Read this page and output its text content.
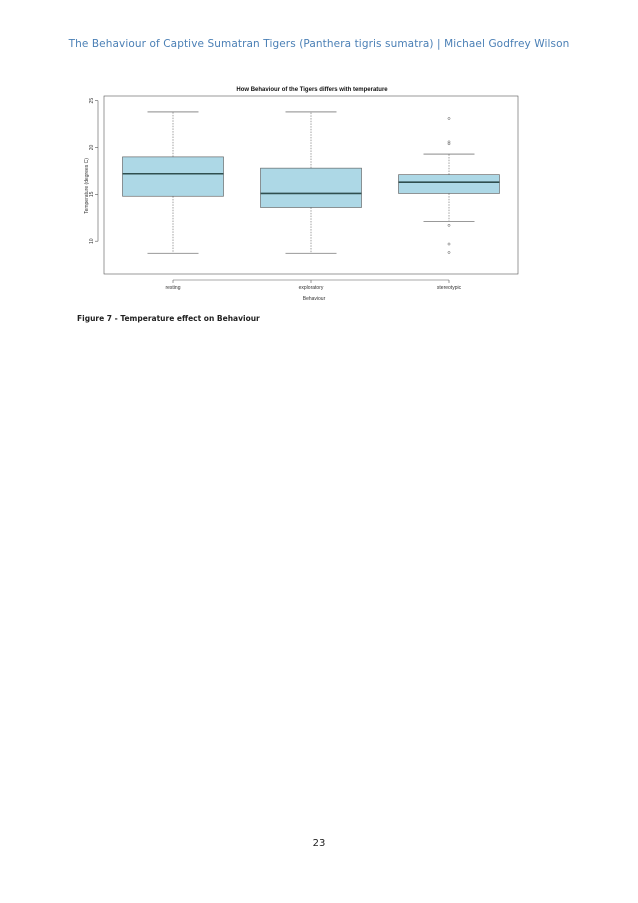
The Behaviour of Captive Sumatran Tigers (Panthera tigris sumatra) | Michael Godfrey Wilson
How Behaviour of the Tigers differs with temperature
10
15
20
25
resting	exploratory	stereotypic
Behaviour
Temperature (degrees C)
Figure 7 - Temperature effect on Behaviour
23
